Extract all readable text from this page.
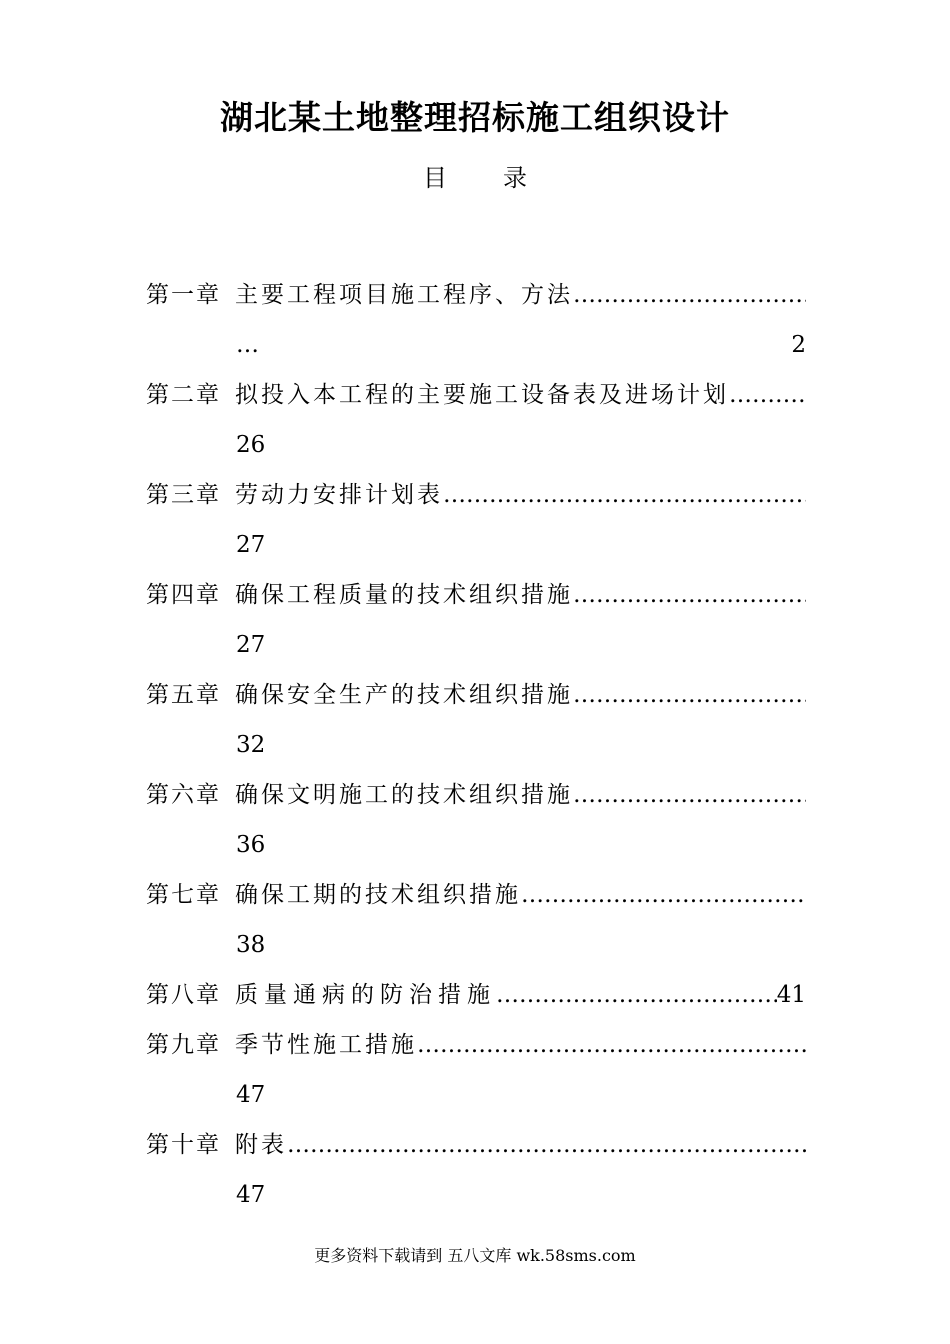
湖北某土地整理招标施工组织设计
目 录
第一章 主要工程项目施工程序、方法
…………………………………………………………………………………………………………
…	2
第二章 拟投入本工程的主要施工设备表及进场计划
…………………………………………………………………………………………………………
26
第三章 劳动力安排计划表
…………………………………………………………………………………………………………
27
第四章 确保工程质量的技术组织措施
…………………………………………………………………………………………………………
27
第五章 确保安全生产的技术组织措施
…………………………………………………………………………………………………………
32
第六章 确保文明施工的技术组织措施
…………………………………………………………………………………………………………
36
第七章 确保工期的技术组织措施
…………………………………………………………………………………………………………
38
第八章 质量通病的防治措施
…………………………………………………………………………………………………………	41
第九章 季节性施工措施
…………………………………………………………………………………………………………
47
第十章 附表
…………………………………………………………………………………………………………
47
更多资料下载请到 五八文库 wk.58sms.com
